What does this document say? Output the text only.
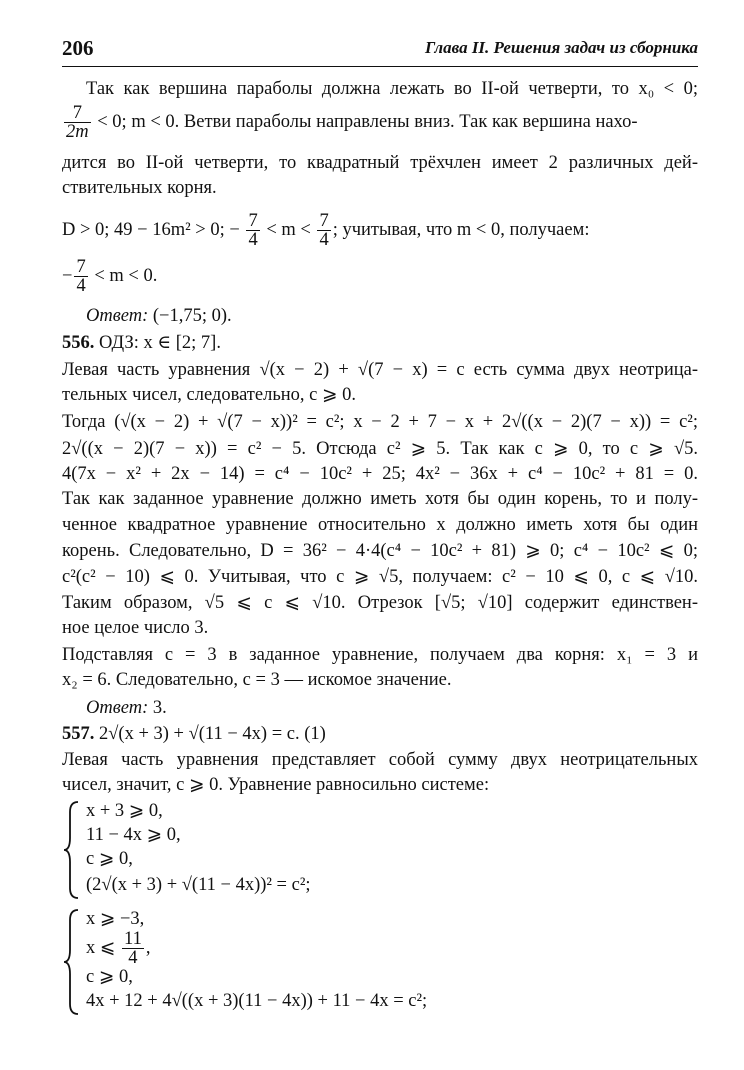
206	Глава II. Решения задач из сборника
Так как вершина параболы должна лежать во II-ой четверти, то x₀ < 0;
$\frac{7}{2m} < 0$; m < 0. Ветви параболы направлены вниз. Так как вершина нахо-
дится во II-ой четверти, то квадратный трёхчлен имеет 2 различных дей-
ствительных корня.
D > 0; 49 − 16m² > 0; − $\frac{7}{4} < m < \frac{7}{4}$ ; учитывая, что m < 0, получаем:
− $\frac{7}{4} < m < 0$.
Ответ: (−1,75; 0).
556. ОДЗ: x ∈ [2; 7].
Левая часть уравнения √(x − 2) + √(7 − x) = c есть сумма двух неотрица-
тельных чисел, следовательно, c ⩾ 0.
Тогда (√(x − 2) + √(7 − x))² = c²; x − 2 + 7 − x + 2√((x − 2)(7 − x)) = c²;
2√((x − 2)(7 − x)) = c² − 5. Отсюда c² ⩾ 5. Так как c ⩾ 0, то c ⩾ √5.
4(7x − x² + 2x − 14) = c⁴ − 10c² + 25; 4x² − 36x + c⁴ − 10c² + 81 = 0.
Так как заданное уравнение должно иметь хотя бы один корень, то и полу-
ченное квадратное уравнение относительно x должно иметь хотя бы один
корень. Следовательно, D = 36² − 4·4(c⁴ − 10c² + 81) ⩾ 0; c⁴ − 10c² ⩽ 0;
c²(c² − 10) ⩽ 0. Учитывая, что c ⩾ √5, получаем: c² − 10 ⩽ 0, c ⩽ √10.
Таким образом, √5 ⩽ c ⩽ √10. Отрезок [√5; √10] содержит единствен-
ное целое число 3.
Подставляя c = 3 в заданное уравнение, получаем два корня: x₁ = 3 и
x₂ = 6. Следовательно, c = 3 — искомое значение.
Ответ: 3.
557. 2√(x + 3) + √(11 − 4x) = c. (1)
Левая часть уравнения представляет собой сумму двух неотрицательных
чисел, значит, c ⩾ 0. Уравнение равносильно системе:
x + 3 ⩾ 0,
11 − 4x ⩾ 0,
c ⩾ 0,
(2√(x + 3) + √(11 − 4x))² = c²;
x ⩾ −3,
x ⩽ $\frac{11}{4}$ ,
c ⩾ 0,
4x + 12 + 4√((x + 3)(11 − 4x)) + 11 − 4x = c²;
